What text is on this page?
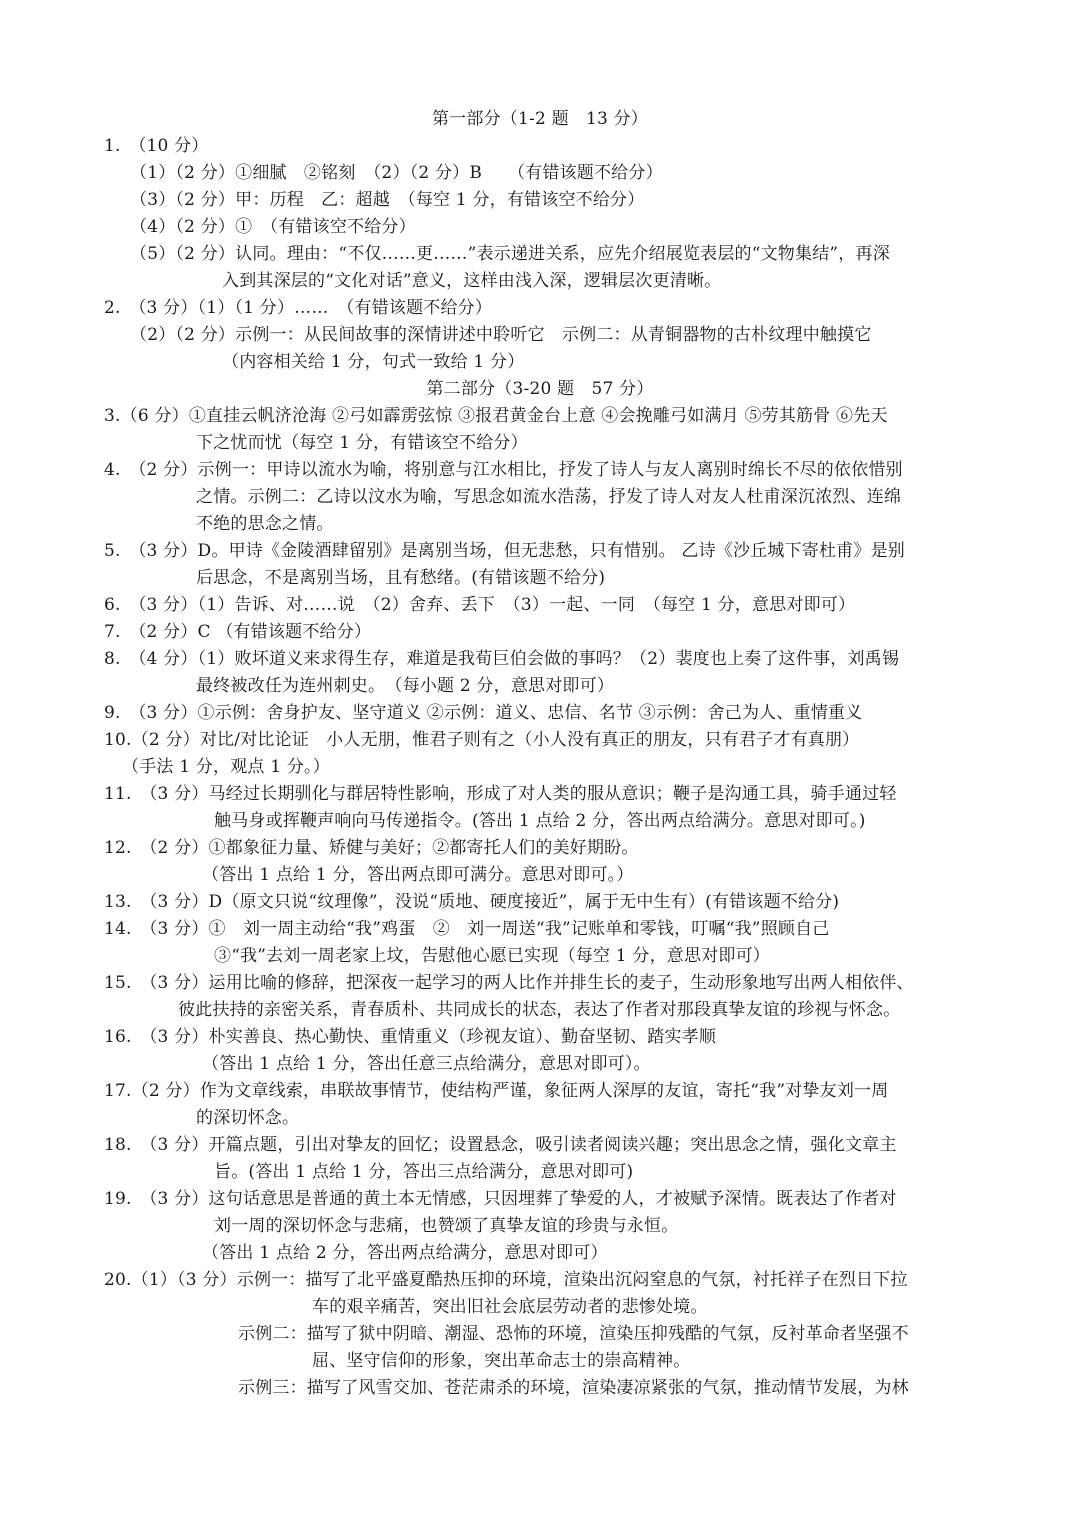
第一部分（1-2 题　13 分）
1.　（10 分）
（1）（2 分）①细腻　②铭刻　（2）（2 分）B　　（有错该题不给分）
（3）（2 分）甲：历程　乙：超越　（每空 1 分，有错该空不给分）
（4）（2 分）①　（有错该空不给分）
（5）（2 分）认同。理由：“不仅……更……”表示递进关系，应先介绍展览表层的“文物集结”，再深
入到其深层的“文化对话”意义，这样由浅入深，逻辑层次更清晰。
2.　（3 分）（1）（1 分）……　（有错该题不给分）
（2）（2 分）示例一：从民间故事的深情讲述中聆听它　示例二：从青铜器物的古朴纹理中触摸它
（内容相关给 1 分，句式一致给 1 分）
第二部分（3-20 题　57 分）
3.（6 分）①直挂云帆济沧海 ②弓如霹雳弦惊 ③报君黄金台上意 ④会挽雕弓如满月 ⑤劳其筋骨 ⑥先天
下之忧而忧（每空 1 分，有错该空不给分）
4.　（2 分）示例一：甲诗以流水为喻，将别意与江水相比，抒发了诗人与友人离别时绵长不尽的依依惜别
之情。示例二：乙诗以汶水为喻，写思念如流水浩荡，抒发了诗人对友人杜甫深沉浓烈、连绵
不绝的思念之情。
5.　（3 分）D。甲诗《金陵酒肆留别》是离别当场，但无悲愁，只有惜别。 乙诗《沙丘城下寄杜甫》是别
后思念，不是离别当场，且有愁绪。(有错该题不给分)
6.　（3 分）（1）告诉、对……说　（2）舍弃、丢下　（3）一起、一同　（每空 1 分，意思对即可）
7.　（2 分）C （有错该题不给分）
8.　（4 分）（1）败坏道义来求得生存，难道是我荀巨伯会做的事吗？（2）裴度也上奏了这件事，刘禹锡
最终被改任为连州刺史。　（每小题 2 分，意思对即可）
9.　（3 分）①示例：舍身护友、坚守道义 ②示例：道义、忠信、名节 ③示例：舍己为人、重情重义
10.（2 分）对比/对比论证　小人无朋，惟君子则有之（小人没有真正的朋友，只有君子才有真朋）
（手法 1 分，观点 1 分。）
11.　（3 分）马经过长期驯化与群居特性影响，形成了对人类的服从意识；鞭子是沟通工具，骑手通过轻
触马身或挥鞭声响向马传递指令。(答出 1 点给 2 分，答出两点给满分。意思对即可。)
12.　（2 分）①都象征力量、矫健与美好；②都寄托人们的美好期盼。
（答出 1 点给 1 分，答出两点即可满分。意思对即可。）
13.　（3 分）D（原文只说“纹理像”，没说“质地、硬度接近”，属于无中生有）(有错该题不给分)
14.　（3 分）①　刘一周主动给“我”鸡蛋　②　刘一周送“我”记账单和零钱，叮嘱“我”照顾自己
③“我”去刘一周老家上坟，告慰他心愿已实现（每空 1 分，意思对即可）
15.　（3 分）运用比喻的修辞，把深夜一起学习的两人比作并排生长的麦子，生动形象地写出两人相依伴、
彼此扶持的亲密关系，青春质朴、共同成长的状态，表达了作者对那段真挚友谊的珍视与怀念。
16.　（3 分）朴实善良、热心勤快、重情重义（珍视友谊）、勤奋坚韧、踏实孝顺
（答出 1 点给 1 分，答出任意三点给满分，意思对即可）。
17.（2 分）作为文章线索，串联故事情节，使结构严谨，象征两人深厚的友谊，寄托“我”对挚友刘一周
的深切怀念。
18.　（3 分）开篇点题，引出对挚友的回忆；设置悬念，吸引读者阅读兴趣；突出思念之情，强化文章主
旨。(答出 1 点给 1 分，答出三点给满分，意思对即可)
19.　（3 分）这句话意思是普通的黄土本无情感，只因埋葬了挚爱的人，才被赋予深情。既表达了作者对
刘一周的深切怀念与悲痛，也赞颂了真挚友谊的珍贵与永恒。
（答出 1 点给 2 分，答出两点给满分，意思对即可）
20.（1）（3 分）示例一：描写了北平盛夏酷热压抑的环境，渲染出沉闷窒息的气氛，衬托祥子在烈日下拉
车的艰辛痛苦，突出旧社会底层劳动者的悲惨处境。
示例二：描写了狱中阴暗、潮湿、恐怖的环境，渲染压抑残酷的气氛，反衬革命者坚强不
屈、坚守信仰的形象，突出革命志士的崇高精神。
示例三：描写了风雪交加、苍茫肃杀的环境，渲染凄凉紧张的气氛，推动情节发展，为林
